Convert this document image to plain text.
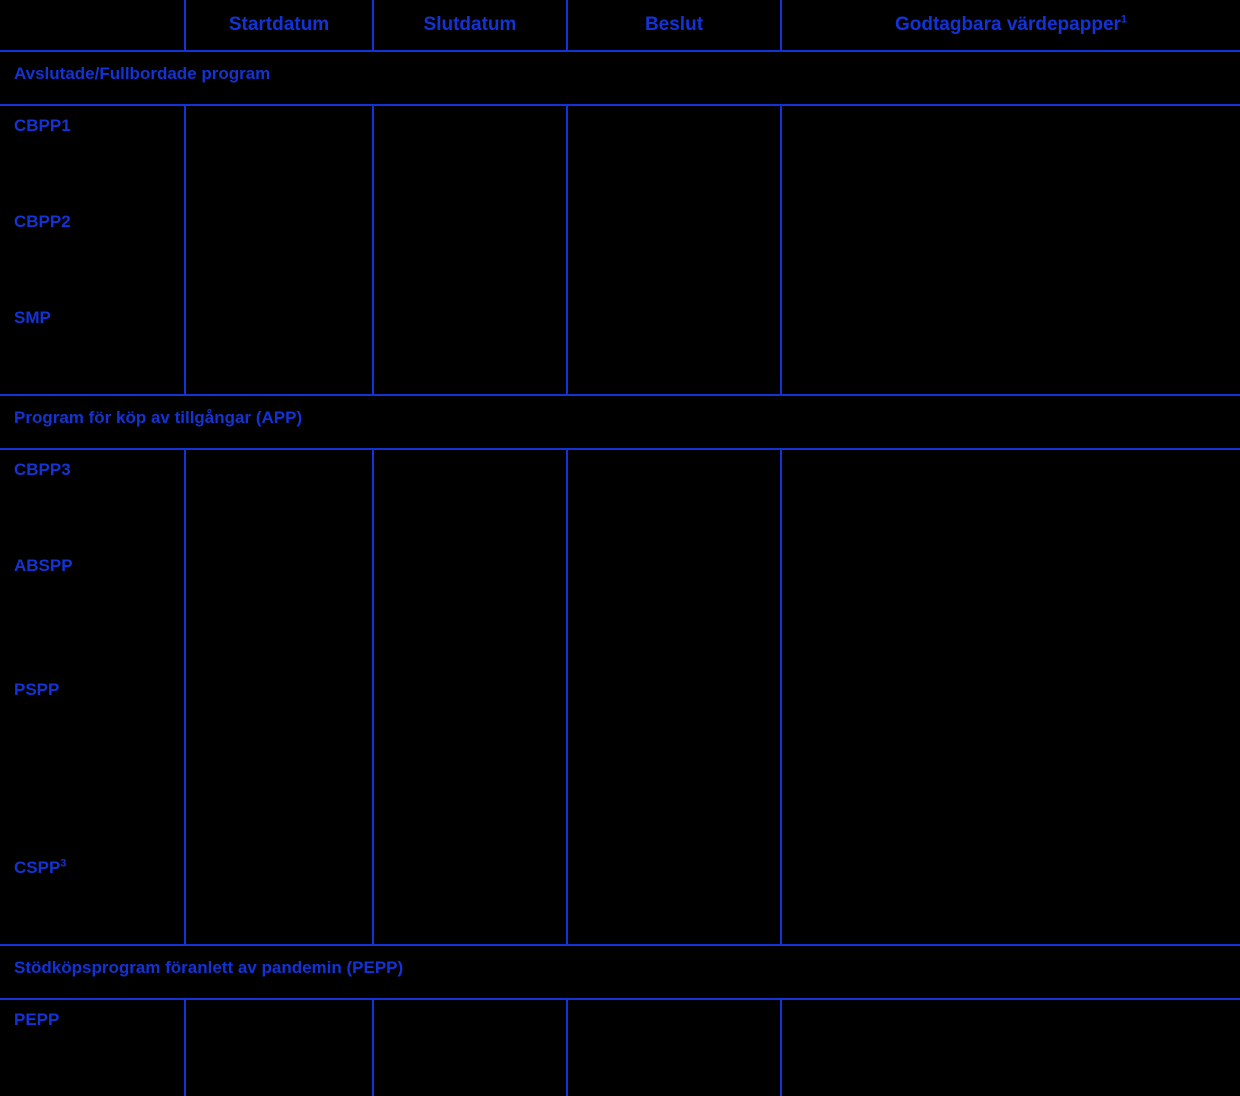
	Startdatum	Slutdatum	Beslut	Godtagbara värdepapper$^1$
Avslutade/Fullbordade program				

CBPP1				

CBPP2				

SMP				

Program för köp av tillgångar (APP)				

CBPP3				

ABSPP				

PSPP				

CSPP$^3$

Stödköpsprogram föranlett av pandemin (PEPP)				

PEPP				
